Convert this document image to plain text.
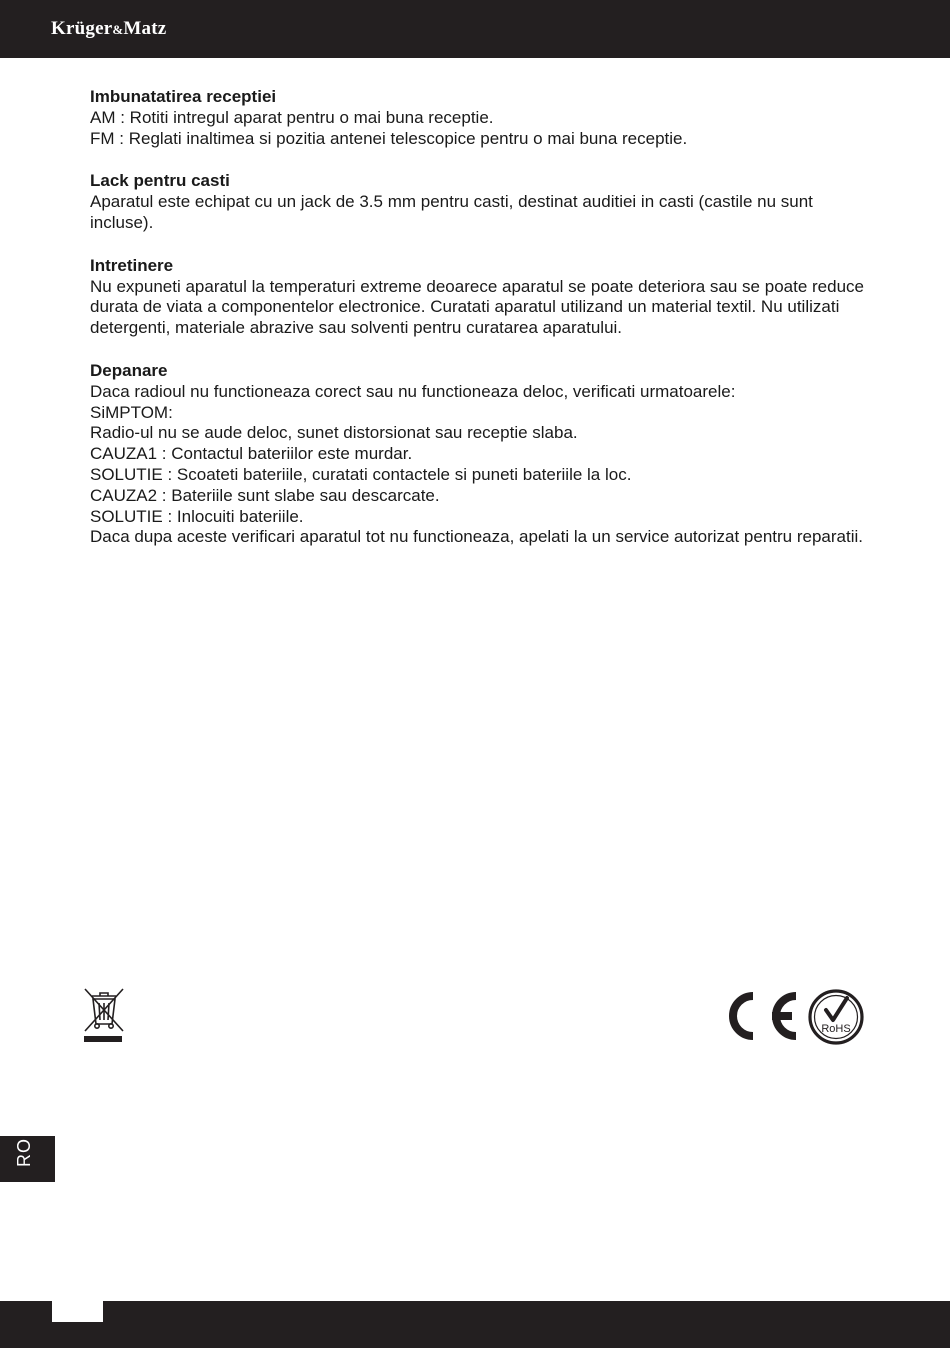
Krüger&Matz
Imbunatatirea receptiei

AM : Rotiti intregul aparat pentru o mai buna receptie.

FM : Reglati inaltimea si pozitia antenei telescopice pentru o mai buna receptie.

Lack pentru casti

Aparatul este echipat cu un jack de 3.5 mm pentru casti, destinat auditiei in casti (castile nu sunt incluse).

Intretinere

Nu expuneti aparatul la temperaturi extreme deoarece aparatul se poate deteriora sau se poate reduce durata de viata a componentelor electronice. Curatati aparatul utilizand un material textil. Nu utilizati detergenti, materiale abrazive sau solventi pentru curatarea aparatului.

Depanare

Daca radioul nu functioneaza corect sau nu functioneaza deloc, verificati urmatoarele:

SiMPTOM:

Radio-ul nu se aude deloc, sunet distorsionat sau receptie slaba.

CAUZA1 : Contactul bateriilor este murdar.

SOLUTIE : Scoateti bateriile, curatati contactele si puneti bateriile la loc.

CAUZA2 : Bateriile sunt slabe sau descarcate.

SOLUTIE : Inlocuiti bateriile.

Daca dupa aceste verificari aparatul tot nu functioneaza, apelati la un service autorizat pentru reparatii.

RoHS
RO
